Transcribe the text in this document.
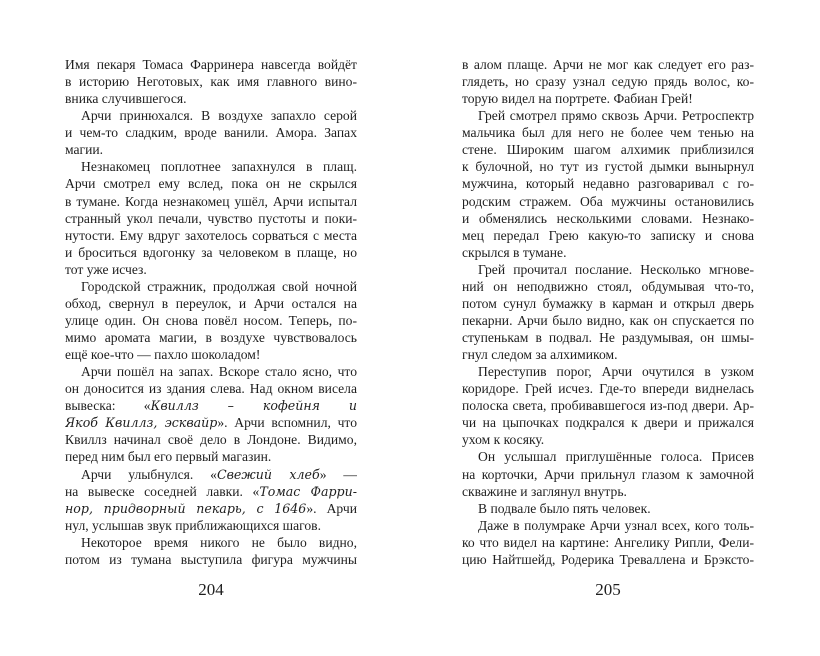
Имя пекаря Томаса Фарринера навсегда войдёт
в историю Неготовых, как имя главного вино-
вника случившегося.
Арчи принюхался. В воздухе запахло серой
и чем-то сладким, вроде ванили. Амора. Запах
магии.
Незнакомец поплотнее запахнулся в плащ.
Арчи смотрел ему вслед, пока он не скрылся
в тумане. Когда незнакомец ушёл, Арчи испытал
странный укол печали, чувство пустоты и поки-
нутости. Ему вдруг захотелось сорваться с места
и броситься вдогонку за человеком в плаще, но
тот уже исчез.
Городской стражник, продолжая свой ночной
обход, свернул в переулок, и Арчи остался на
улице один. Он снова повёл носом. Теперь, по-
мимо аромата магии, в воздухе чувствовалось
ещё кое-что — пахло шоколадом!
Арчи пошёл на запах. Вскоре стало ясно, что
он доносится из здания слева. Над окном висела
вывеска: «Квиллз – кофейня и
Якоб Квиллз, эсквайр». Арчи вспомнил, что
Квиллз начинал своё дело в Лондоне. Видимо,
перед ним был его первый магазин.
Арчи улыбнулся. «Свежий хлеб» —
на вывеске соседней лавки. «Томас Фарри-
нор, придворный пекарь, с 1646». Арчи
нул, услышав звук приближающихся шагов.
Некоторое время никого не было видно,
потом из тумана выступила фигура мужчины
в алом плаще. Арчи не мог как следует его раз-
глядеть, но сразу узнал седую прядь волос, ко-
торую видел на портрете. Фабиан Грей!
Грей смотрел прямо сквозь Арчи. Ретроспектр
мальчика был для него не более чем тенью на
стене. Широким шагом алхимик приблизился
к булочной, но тут из густой дымки вынырнул
мужчина, который недавно разговаривал с го-
родским стражем. Оба мужчины остановились
и обменялись несколькими словами. Незнако-
мец передал Грею какую-то записку и снова
скрылся в тумане.
Грей прочитал послание. Несколько мгнове-
ний он неподвижно стоял, обдумывая что-то,
потом сунул бумажку в карман и открыл дверь
пекарни. Арчи было видно, как он спускается по
ступенькам в подвал. Не раздумывая, он шмы-
гнул следом за алхимиком.
Переступив порог, Арчи очутился в узком
коридоре. Грей исчез. Где-то впереди виднелась
полоска света, пробивавшегося из-под двери. Ар-
чи на цыпочках подкрался к двери и прижался
ухом к косяку.
Он услышал приглушённые голоса. Присев
на корточки, Арчи прильнул глазом к замочной
скважине и заглянул внутрь.
В подвале было пять человек.
Даже в полумраке Арчи узнал всех, кого толь-
ко что видел на картине: Ангелику Рипли, Фели-
цию Найтшейд, Родерика Треваллена и Брэксто-
204	205
